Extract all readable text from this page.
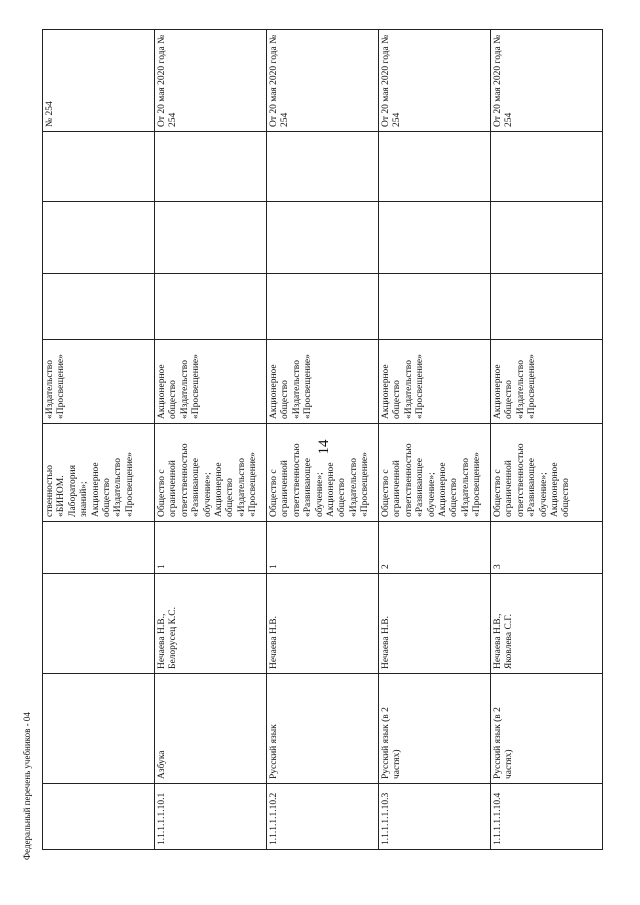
14
Федеральный перечень учебников - 04
				ственностью «БИНОМ. Лаборатория знаний»; Акционерное общество «Издательство «Просвещение»	«Издательство «Просвещение»				№ 254
1.1.1.1.1.10.1	Азбука	Нечаева Н.В., Белорусец К.С.	1	Общество с ограниченной ответственностью «Развивающее обучение»; Акционерное общество «Издательство «Просвещение»	Акционерное общество «Издательство «Просвещение»				От 20 мая 2020 года № 254
1.1.1.1.1.10.2	Русский язык	Нечаева Н.В.	1	Общество с ограниченной ответственностью «Развивающее обучение»; Акционерное общество «Издательство «Просвещение»	Акционерное общество «Издательство «Просвещение»				От 20 мая 2020 года № 254
1.1.1.1.1.10.3	Русский язык (в 2 частях)	Нечаева Н.В.	2	Общество с ограниченной ответственностью «Развивающее обучение»; Акционерное общество «Издательство «Просвещение»	Акционерное общество «Издательство «Просвещение»				От 20 мая 2020 года № 254
1.1.1.1.1.10.4	Русский язык (в 2 частях)	Нечаева Н.В., Яковлева С.Г.	3	Общество с ограниченной ответственностью «Развивающее обучение»; Акционерное общество	Акционерное общество «Издательство «Просвещение»				От 20 мая 2020 года № 254
